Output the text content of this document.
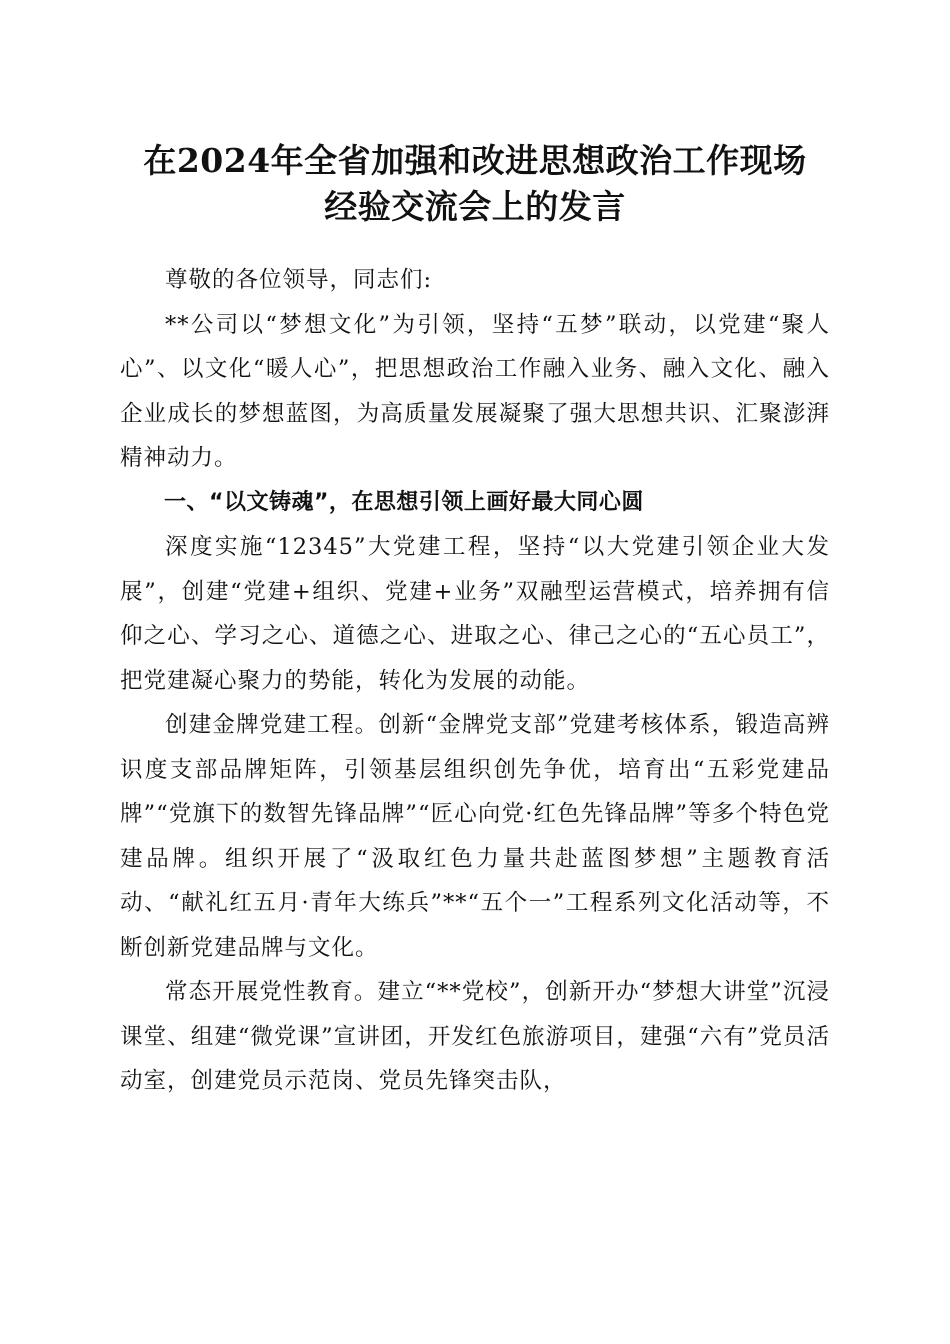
在2024年全省加强和改进思想政治工作现场
经验交流会上的发言

尊敬的各位领导，同志们:

**公司以“梦想文化”为引领，坚持“五梦”联动，以党建“聚人心”、以文化“暖人心”，把思想政治工作融入业务、融入文化、融入企业成长的梦想蓝图，为高质量发展凝聚了强大思想共识、汇聚澎湃精神动力。

一、“以文铸魂”，在思想引领上画好最大同心圆

深度实施“12345”大党建工程，坚持“以大党建引领企业大发展”，创建“党建+组织、党建+业务”双融型运营模式，培养拥有信仰之心、学习之心、道德之心、进取之心、律己之心的“五心员工”，把党建凝心聚力的势能，转化为发展的动能。

创建金牌党建工程。创新“金牌党支部”党建考核体系，锻造高辨识度支部品牌矩阵，引领基层组织创先争优，培育出“五彩党建品牌”“党旗下的数智先锋品牌”“匠心向党·红色先锋品牌”等多个特色党建品牌。组织开展了“汲取红色力量共赴蓝图梦想”主题教育活动、“献礼红五月·青年大练兵”**“五个一”工程系列文化活动等，不断创新党建品牌与文化。

常态开展党性教育。建立“**党校”，创新开办“梦想大讲堂”沉浸课堂、组建“微党课”宣讲团，开发红色旅游项目，建强“六有”党员活动室，创建党员示范岗、党员先锋突击队，
